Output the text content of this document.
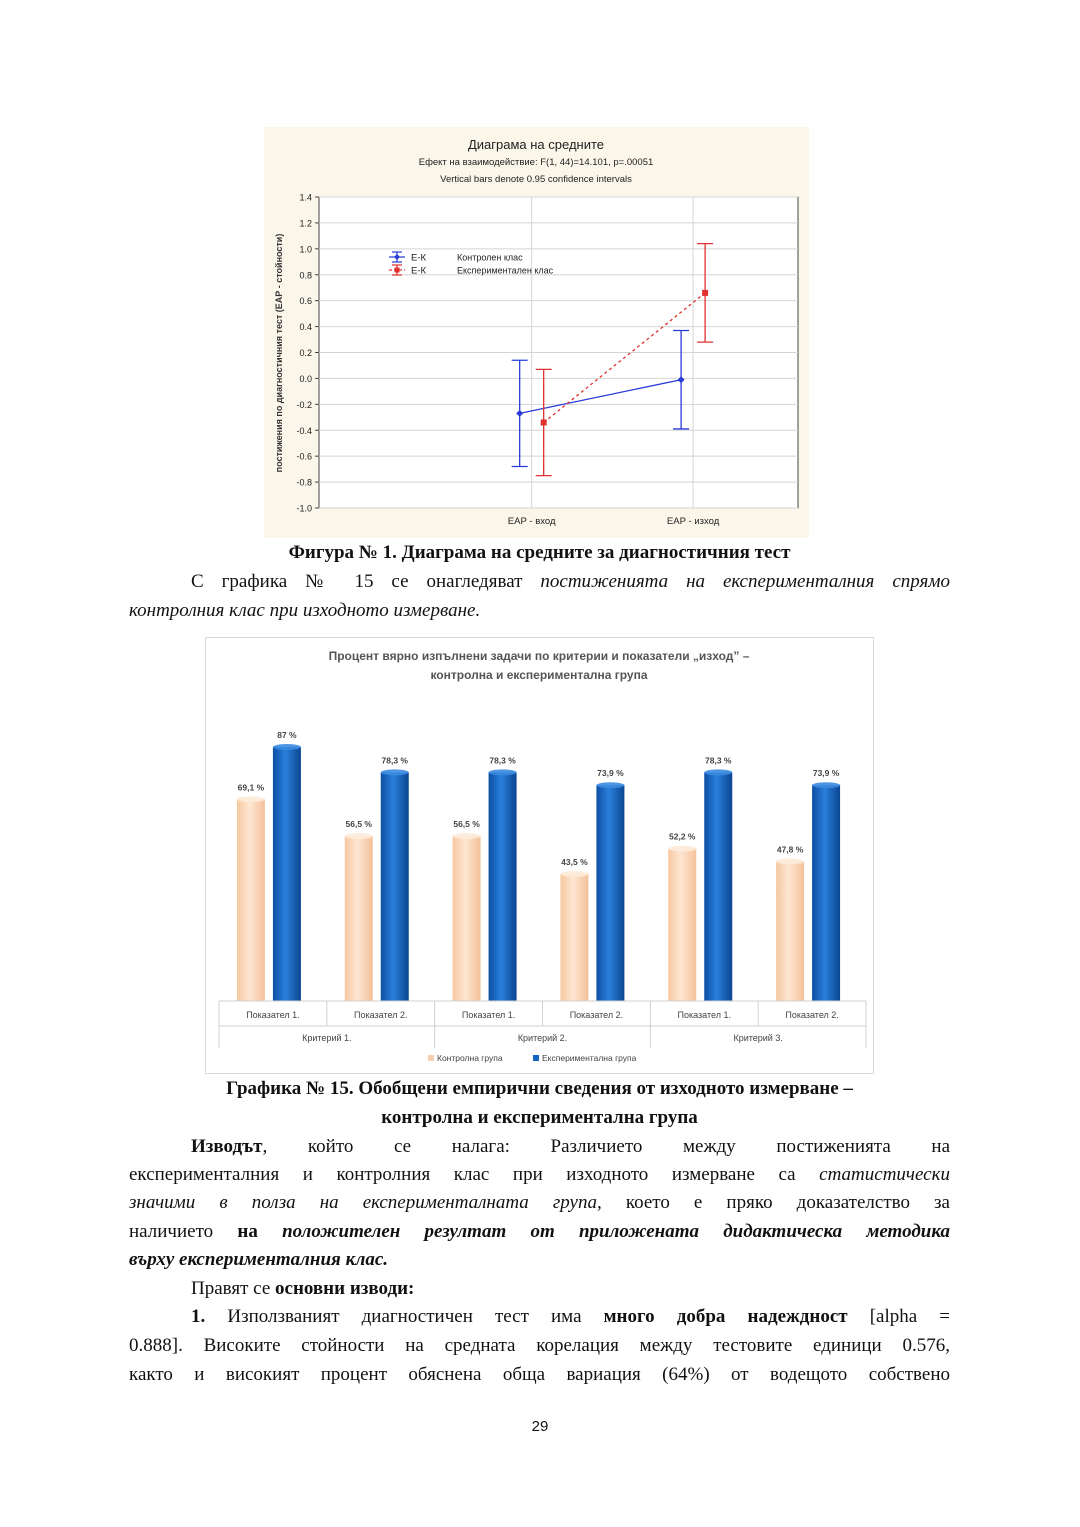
Диаграма на средните
Ефект на взаимодействие: F(1, 44)=14.101, p=.00051
Vertical bars denote 0.95 confidence intervals
1.4
1.2
1.0
0.8
0.6
0.4
0.2
0.0
-0.2
-0.4
-0.6
-0.8
-1.0
ЕАР - вход	ЕАР - изход
постижения по диагностичния тест (ЕАР - стойности)	Е-К	Контролен клас
Е-К	Експериментален клас
Фигура № 1. Диаграма на средните за диагностичния тест
С графика № 15 се онагледяват постиженията на експерименталния спрямо
контролния клас при изходното измерване.
Процент вярно изпълнени задачи по критерии и показатели „изход” –
контролна и експериментална група
69,1 %
87 %
56,5 %
78,3 %
56,5 %
78,3 %
43,5 %
73,9 %
52,2 %
78,3 %
47,8 %
73,9 %
Показател 1.	Показател 2.	Показател 1.	Показател 2.	Показател 1.	Показател 2.
Критерий 1.	Критерий 2.	Критерий 3.
Контролна група	Експериментална група
Графика № 15. Обобщени емпирични сведения от изходното измерване –
контролна и експериментална група
Изводът, който се налага: Различието между постиженията на
експерименталния и контролния клас при изходното измерване са статистически
значими в полза на експерименталната група, което е пряко доказателство за
наличието на положителен резултат от приложената дидактическа методика
върху експерименталния клас.
Правят се основни изводи:
1. Използваният диагностичен тест има много добра надеждност [alpha =
0.888]. Високите стойности на средната корелация между тестовите единици 0.576,
както и високият процент обяснена обща вариация (64%) от водещото собствено
29
